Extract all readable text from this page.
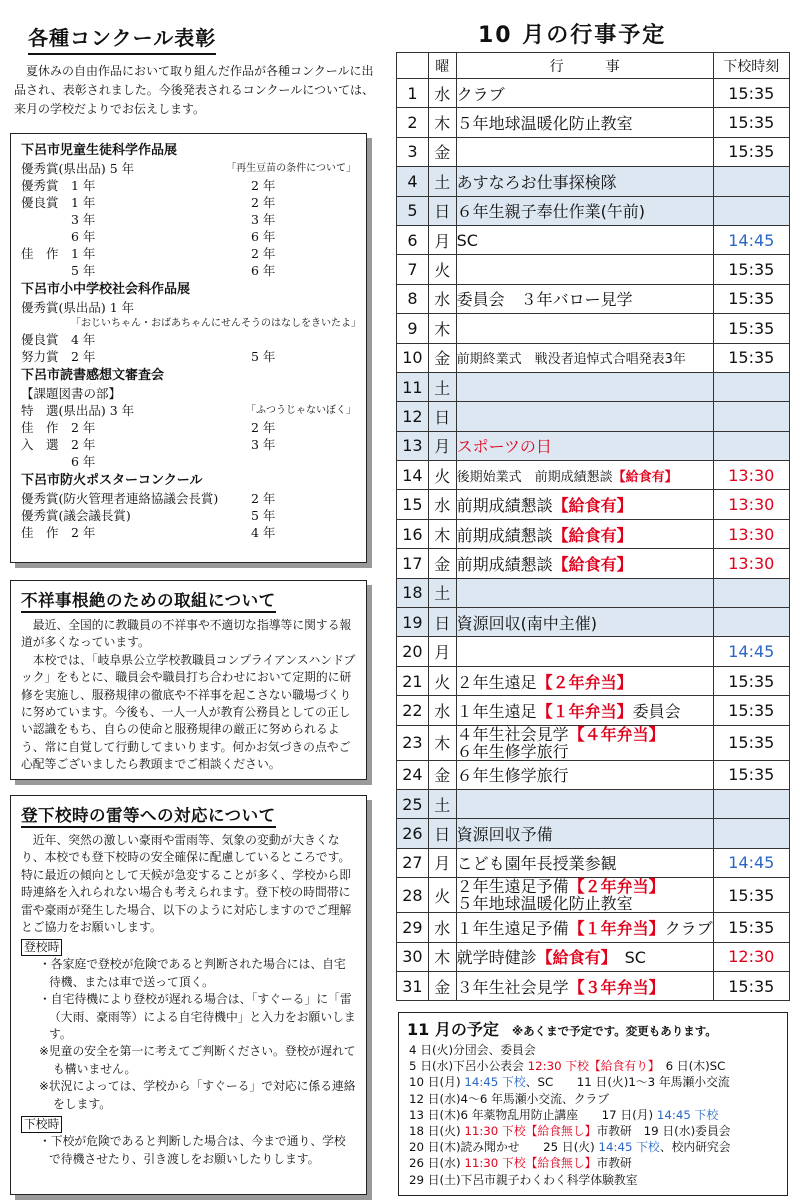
各種コンクール表彰
夏休みの自由作品において取り組んだ作品が各種コンクールに出品され、表彰されました。今後発表されるコンクールについては、来月の学校だよりでお伝えします。
下呂市児童生徒科学作品展
優秀賞(県出品) 5 年	「再生豆苗の条件について」
優秀賞　1 年	2 年
優良賞　1 年	2 年
　　　　3 年	3 年
　　　　6 年	6 年
佳　作　1 年	2 年
　　　　5 年	6 年
下呂市小中学校社会科作品展
優秀賞(県出品) 1 年
「おじいちゃん・おばあちゃんにせんそうのはなしをきいたよ」
優良賞　4 年
努力賞　2 年	5 年
下呂市読書感想文審査会
【課題図書の部】
特　選(県出品) 3 年	「ふつうじゃないぼく」
佳　作　2 年	2 年
入　選　2 年	3 年
　　　　6 年
下呂市防火ポスターコンクール
優秀賞(防火管理者連絡協議会長賞)	2 年
優秀賞(議会議長賞)	5 年
佳　作　2 年	4 年
不祥事根絶のための取組について

最近、全国的に教職員の不祥事や不適切な指導等に関する報道が多くなっています。

本校では、「岐阜県公立学校教職員コンプライアンスハンドブック」をもとに、職員会や職員打ち合わせにおいて定期的に研修を実施し、服務規律の徹底や不祥事を起こさない職場づくりに努めています。今後も、一人一人が教育公務員としての正しい認識をもち、自らの使命と服務規律の厳正に努められるよう、常に自覚して行動してまいります。何かお気づきの点やご心配等ございましたら教頭までご相談ください。

登下校時の雷等への対応について

近年、突然の激しい豪雨や雷雨等、気象の変動が大きくなり、本校でも登下校時の安全確保に配慮しているところです。特に最近の傾向として天候が急変することが多く、学校から即時連絡を入れられない場合も考えられます。登下校の時間帯に雷や豪雨が発生した場合、以下のように対応しますのでご理解とご協力をお願いします。

登校時
・各家庭で登校が危険であると判断された場合には、自宅待機、または車で送って頂く。
・自宅待機により登校が遅れる場合は、「すぐーる」に「雷（大雨、豪雨等）による自宅待機中」と入力をお願いします。
※児童の安全を第一に考えてご判断ください。登校が遅れても構いません。
※状況によっては、学校から「すぐーる」で対応に係る連絡をします。
下校時
・下校が危険であると判断した場合は、今まで通り、学校で待機させたり、引き渡しをお願いしたりします。
10 月の行事予定
	曜	行　　　事	下校時刻
1	水	クラブ	15:35
2	木	５年地球温暖化防止教室	15:35
3	金		15:35
4	土	あすなろお仕事探検隊	
5	日	６年生親子奉仕作業(午前)	
6	月	SC	14:45
7	火		15:35
8	水	委員会　３年バロー見学	15:35
9	木		15:35
10	金	前期終業式　戦没者追悼式合唱発表3年	15:35
11	土		
12	日		
13	月	スポーツの日	
14	火	後期始業式　前期成績懇談【給食有】	13:30
15	水	前期成績懇談【給食有】	13:30
16	木	前期成績懇談【給食有】	13:30
17	金	前期成績懇談【給食有】	13:30
18	土		
19	日	資源回収(南中主催)	
20	月		14:45
21	火	２年生遠足【２年弁当】	15:35
22	水	１年生遠足【１年弁当】委員会	15:35
23	木	４年生社会見学【４年弁当】
６年生修学旅行	15:35
24	金	６年生修学旅行	15:35
25	土		
26	日	資源回収予備	
27	月	こども園年長授業参観	14:45
28	火	２年生遠足予備【２年弁当】
５年地球温暖化防止教室	15:35
29	水	１年生遠足予備【１年弁当】クラブ	15:35
30	木	就学時健診【給食有】　SC	12:30
31	金	３年生社会見学【３年弁当】	15:35
11 月の予定 ※あくまで予定です。変更もあります。
4 日(火)分団会、委員会
5 日(水)下呂小公表会 12:30 下校【給食有り】　6 日(木)SC
10 日(月) 14:45 下校、SC　　11 日(火)1～3 年馬瀬小交流
12 日(水)4～6 年馬瀬小交流、クラブ
13 日(木)6 年薬物乱用防止講座　　17 日(月) 14:45 下校
18 日(火) 11:30 下校【給食無し】市教研　19 日(水)委員会
20 日(木)読み聞かせ　　25 日(火) 14:45 下校、校内研究会
26 日(水) 11:30 下校【給食無し】市教研
29 日(土)下呂市親子わくわく科学体験教室
